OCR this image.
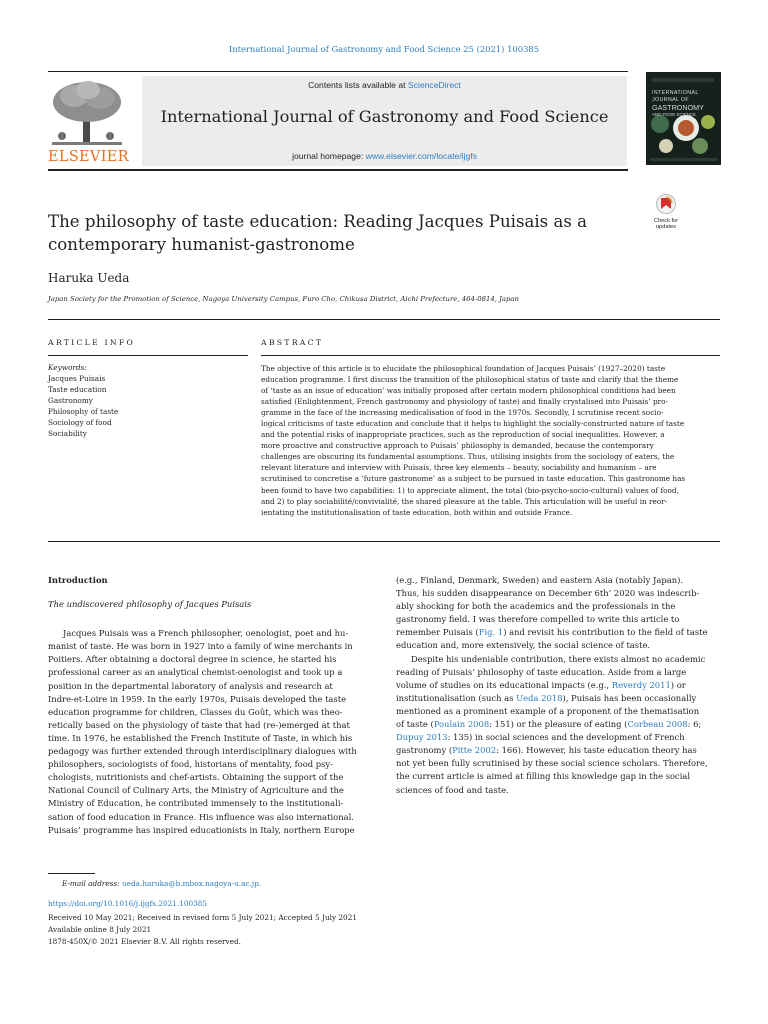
International Journal of Gastronomy and Food Science 25 (2021) 100385
ELSEVIER
Contents lists available at ScienceDirect
International Journal of Gastronomy and Food Science
journal homepage: www.elsevier.com/locate/ijgfs
INTERNATIONAL JOURNAL OF
GASTRONOMY
AND FOOD SCIENCE
Check for
updates
The philosophy of taste education: Reading Jacques Puisais as a
contemporary humanist-gastronome
Haruka Ueda
Japan Society for the Promotion of Science, Nagoya University Campus, Furo Cho, Chikusa District, Aichi Prefecture, 464-0814, Japan
ARTICLE INFO	ABSTRACT
Keywords:
Jacques Puisais
Taste education
Gastronomy
Philosophy of taste
Sociology of food
Sociability
The objective of this article is to elucidate the philosophical foundation of Jacques Puisais’ (1927–2020) taste
education programme. I first discuss the transition of the philosophical status of taste and clarify that the theme
of ‘taste as an issue of education’ was initially proposed after certain modern philosophical conditions had been
satisfied (Enlightenment, French gastronomy and physiology of taste) and finally crystalised into Puisais’ pro-
gramme in the face of the increasing medicalisation of food in the 1970s. Secondly, I scrutinise recent socio-
logical criticisms of taste education and conclude that it helps to highlight the socially-constructed nature of taste
and the potential risks of inappropriate practices, such as the reproduction of social inequalities. However, a
more proactive and constructive approach to Puisais’ philosophy is demanded, because the contemporary
challenges are obscuring its fundamental assumptions. Thus, utilising insights from the sociology of eaters, the
relevant literature and interview with Puisais, three key elements – beauty, sociability and humanism – are
scrutinised to concretise a ‘future gastronome’ as a subject to be pursued in taste education. This gastronome has
been found to have two capabilities: 1) to appreciate aliment, the total (bio-psycho-socio-cultural) values of food,
and 2) to play sociabilité/convivialité, the shared pleasure at the table. This articulation will be useful in reor-
ientating the institutionalisation of taste education, both within and outside France.
Introduction
The undiscovered philosophy of Jacques Puisais
Jacques Puisais was a French philosopher, oenologist, poet and hu-
manist of taste. He was born in 1927 into a family of wine merchants in
Poitiers. After obtaining a doctoral degree in science, he started his
professional career as an analytical chemist-oenologist and took up a
position in the departmental laboratory of analysis and research at
Indre-et-Loire in 1959. In the early 1970s, Puisais developed the taste
education programme for children, Classes du Goût, which was theo-
retically based on the physiology of taste that had (re-)emerged at that
time. In 1976, he established the French Institute of Taste, in which his
pedagogy was further extended through interdisciplinary dialogues with
philosophers, sociologists of food, historians of mentality, food psy-
chologists, nutritionists and chef-artists. Obtaining the support of the
National Council of Culinary Arts, the Ministry of Agriculture and the
Ministry of Education, he contributed immensely to the institutionali-
sation of food education in France. His influence was also international.
Puisais’ programme has inspired educationists in Italy, northern Europe
(e.g., Finland, Denmark, Sweden) and eastern Asia (notably Japan).
Thus, his sudden disappearance on December 6th’ 2020 was indescrib-
ably shocking for both the academics and the professionals in the
gastronomy field. I was therefore compelled to write this article to
remember Puisais (Fig. 1) and revisit his contribution to the field of taste
education and, more extensively, the social science of taste.
Despite his undeniable contribution, there exists almost no academic
reading of Puisais’ philosophy of taste education. Aside from a large
volume of studies on its educational impacts (e.g., Reverdy 2011) or
institutionalisation (such as Ueda 2018), Puisais has been occasionally
mentioned as a prominent example of a proponent of the thematisation
of taste (Poulain 2008: 151) or the pleasure of eating (Corbeau 2008: 6;
Dupuy 2013: 135) in social sciences and the development of French
gastronomy (Pitte 2002: 166). However, his taste education theory has
not yet been fully scrutinised by these social science scholars. Therefore,
the current article is aimed at filling this knowledge gap in the social
sciences of food and taste.
E-mail address: ueda.haruka@b.mbox.nagoya-u.ac.jp.
https://doi.org/10.1016/j.ijgfs.2021.100385
Received 10 May 2021; Received in revised form 5 July 2021; Accepted 5 July 2021
Available online 8 July 2021
1878-450X/© 2021 Elsevier B.V. All rights reserved.
